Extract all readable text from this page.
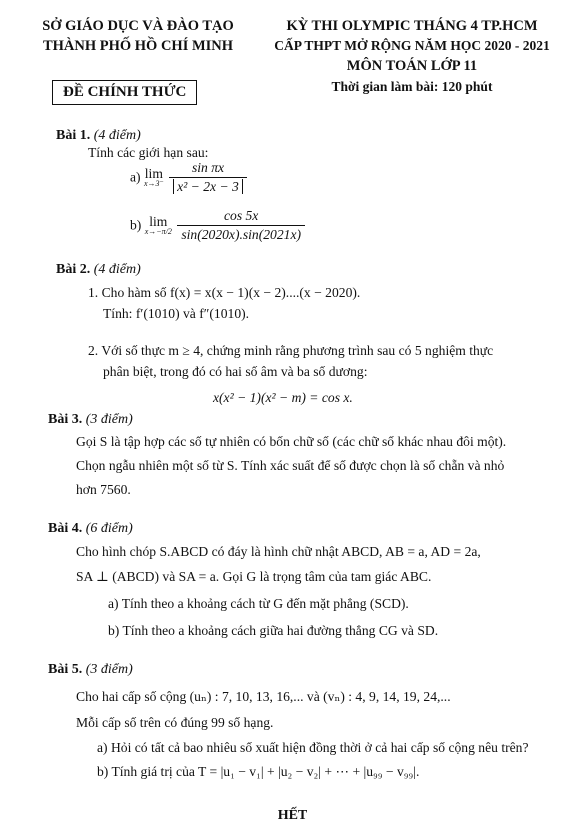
SỞ GIÁO DỤC VÀ ĐÀO TẠO
THÀNH PHỐ HỒ CHÍ MINH
ĐỀ CHÍNH THỨC
KỲ THI OLYMPIC THÁNG 4 TP.HCM
CẤP THPT MỞ RỘNG NĂM HỌC 2020 - 2021
MÔN TOÁN LỚP 11
Thời gian làm bài: 120 phút
Bài 1. (4 điểm)
Tính các giới hạn sau:
a) lim
x→3⁻
$\frac{\text{sin πx}}{\text{x² − 2x − 3}}$
b) lim
x→−π/2
$\frac{\cos 5x}{\sin(2020x).\sin(2021x)}$
Bài 2. (4 điểm)
1. Cho hàm số f(x) = x(x − 1)(x − 2)....(x − 2020).
Tính: f′(1010) và f″(1010).
2. Với số thực m ≥ 4, chứng minh rằng phương trình sau có 5 nghiệm thực
phân biệt, trong đó có hai số âm và ba số dương:
x(x² − 1)(x² − m) = cos x.
Bài 3. (3 điểm)
Gọi S là tập hợp các số tự nhiên có bốn chữ số (các chữ số khác nhau đôi một).
Chọn ngẫu nhiên một số từ S. Tính xác suất để số được chọn là số chẵn và nhỏ
hơn 7560.
Bài 4. (6 điểm)
Cho hình chóp S.ABCD có đáy là hình chữ nhật ABCD, AB = a, AD = 2a,
SA ⊥ (ABCD) và SA = a. Gọi G là trọng tâm của tam giác ABC.
a) Tính theo a khoảng cách từ G đến mặt phẳng (SCD).
b) Tính theo a khoảng cách giữa hai đường thẳng CG và SD.
Bài 5. (3 điểm)
Cho hai cấp số cộng (uₙ) : 7, 10, 13, 16,... và (vₙ) : 4, 9, 14, 19, 24,...
Mỗi cấp số trên có đúng 99 số hạng.
a) Hỏi có tất cả bao nhiêu số xuất hiện đồng thời ở cả hai cấp số cộng nêu trên?
b) Tính giá trị của T = |u₁ − v₁| + |u₂ − v₂| + ⋯ + |u₉₉ − v₉₉|.
HẾT
